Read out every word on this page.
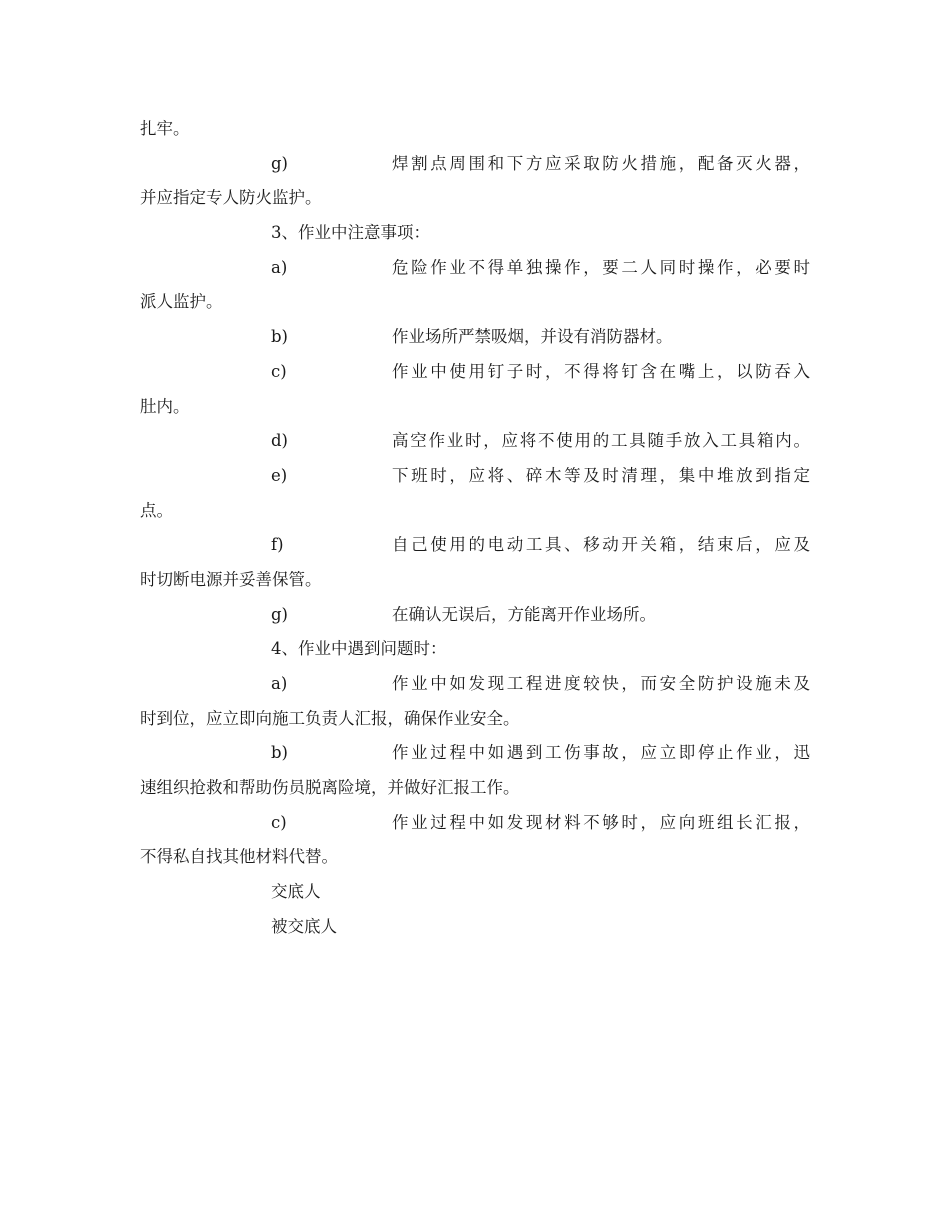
扎牢。
g)	焊割点周围和下方应采取防火措施，配备灭火器，
并应指定专人防火监护。
3、作业中注意事项：
a)	危险作业不得单独操作，要二人同时操作，必要时
派人监护。
b)	作业场所严禁吸烟，并设有消防器材。
c)	作业中使用钉子时，不得将钉含在嘴上，以防吞入
肚内。
d)	高空作业时，应将不使用的工具随手放入工具箱内。
e)	下班时，应将、碎木等及时清理，集中堆放到指定
点。
f)	自己使用的电动工具、移动开关箱，结束后，应及
时切断电源并妥善保管。
g)	在确认无误后，方能离开作业场所。
4、作业中遇到问题时：
a)	作业中如发现工程进度较快，而安全防护设施未及
时到位，应立即向施工负责人汇报，确保作业安全。
b)	作业过程中如遇到工伤事故，应立即停止作业，迅
速组织抢救和帮助伤员脱离险境，并做好汇报工作。
c)	作业过程中如发现材料不够时，应向班组长汇报，
不得私自找其他材料代替。
交底人
被交底人
